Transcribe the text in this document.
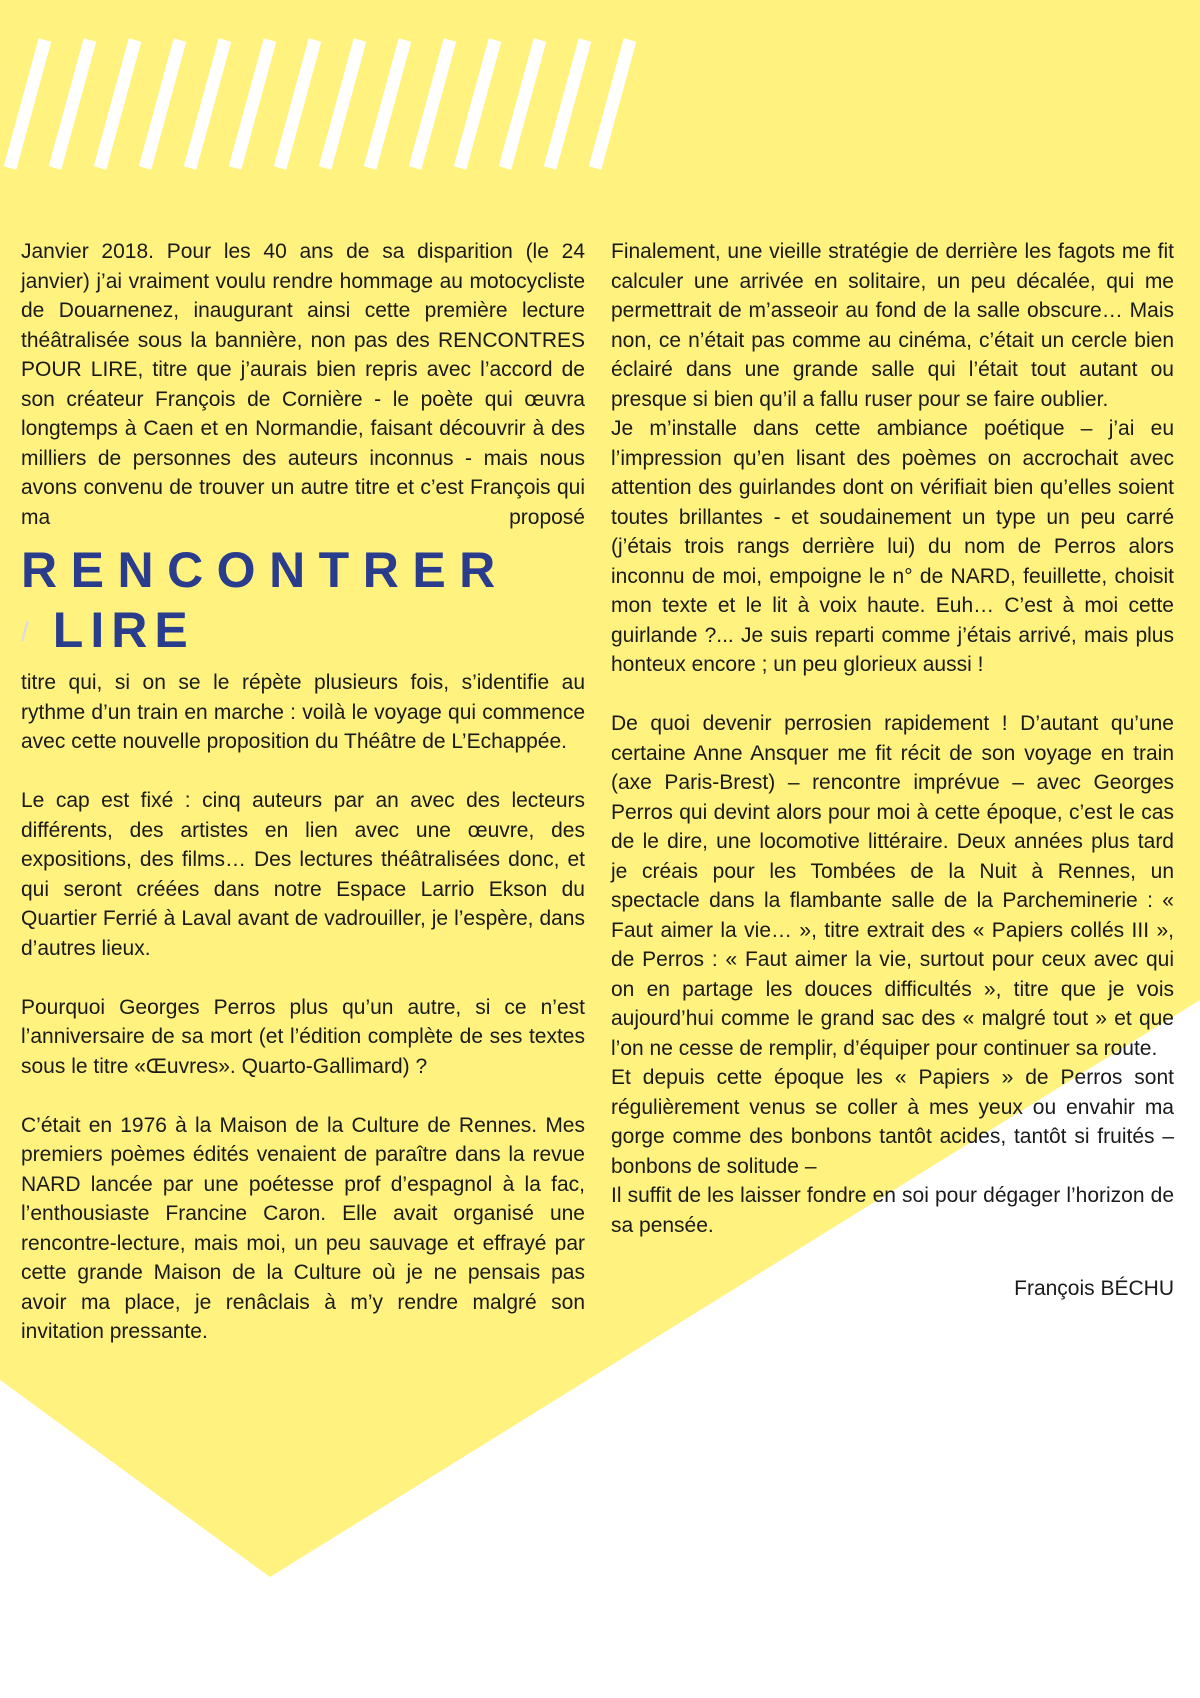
Janvier 2018. Pour les 40 ans de sa disparition (le 24 janvier) j’ai vraiment voulu rendre hommage au motocycliste de Douarnenez, inaugurant ainsi cette première lecture théâtralisée sous la bannière, non pas des RENCONTRES POUR LIRE, titre que j’aurais bien repris avec l’accord de son créateur François de Cornière - le poète qui œuvra longtemps à Caen et en Normandie, faisant découvrir à des milliers de personnes des auteurs inconnus - mais nous avons convenu de trouver un autre titre et c’est François qui ma proposé

RENCONTRER
/ LIRE

titre qui, si on se le répète plusieurs fois, s’identifie au rythme d’un train en marche : voilà le voyage qui commence avec cette nouvelle proposition du Théâtre de L’Echappée.

Le cap est fixé : cinq auteurs par an avec des lecteurs différents, des artistes en lien avec une œuvre, des expositions, des films… Des lectures théâtralisées donc, et qui seront créées dans notre Espace Larrio Ekson du Quartier Ferrié à Laval avant de vadrouiller, je l’espère, dans d’autres lieux.

Pourquoi Georges Perros plus qu’un autre, si ce n’est l’anniversaire de sa mort (et l’édition complète de ses textes sous le titre «Œuvres». Quarto-Gallimard) ?

C’était en 1976 à la Maison de la Culture de Rennes. Mes premiers poèmes édités venaient de paraître dans la revue NARD lancée par une poétesse prof d’espagnol à la fac, l’enthousiaste Francine Caron. Elle avait organisé une rencontre-lecture, mais moi, un peu sauvage et effrayé par cette grande Maison de la Culture où je ne pensais pas avoir ma place, je renâclais à m’y rendre malgré son invitation pressante.

Finalement, une vieille stratégie de derrière les fagots me fit calculer une arrivée en solitaire, un peu décalée, qui me permettrait de m’asseoir au fond de la salle obscure… Mais non, ce n’était pas comme au cinéma, c’était un cercle bien éclairé dans une grande salle qui l’était tout autant ou presque si bien qu’il a fallu ruser pour se faire oublier.

Je m’installe dans cette ambiance poétique – j’ai eu l’impression qu’en lisant des poèmes on accrochait avec attention des guirlandes dont on vérifiait bien qu’elles soient toutes brillantes - et soudainement un type un peu carré (j’étais trois rangs derrière lui) du nom de Perros alors inconnu de moi, empoigne le n° de NARD, feuillette, choisit mon texte et le lit à voix haute. Euh… C’est à moi cette guirlande ?... Je suis reparti comme j’étais arrivé, mais plus honteux encore ; un peu glorieux aussi !

De quoi devenir perrosien rapidement ! D’autant qu’une certaine Anne Ansquer me fit récit de son voyage en train (axe Paris-Brest) – rencontre imprévue – avec Georges Perros qui devint alors pour moi à cette époque, c’est le cas de le dire, une locomotive littéraire. Deux années plus tard je créais pour les Tombées de la Nuit à Rennes, un spectacle dans la flambante salle de la Parcheminerie : « Faut aimer la vie… », titre extrait des « Papiers collés III », de Perros : « Faut aimer la vie, surtout pour ceux avec qui on en partage les douces difficultés », titre que je vois aujourd’hui comme le grand sac des « malgré tout » et que l’on ne cesse de remplir, d’équiper pour continuer sa route.

Et depuis cette époque les « Papiers » de Perros sont régulièrement venus se coller à mes yeux ou envahir ma gorge comme des bonbons tantôt acides, tantôt si fruités – bonbons de solitude –

Il suffit de les laisser fondre en soi pour dégager l’horizon de sa pensée.

François BÉCHU
